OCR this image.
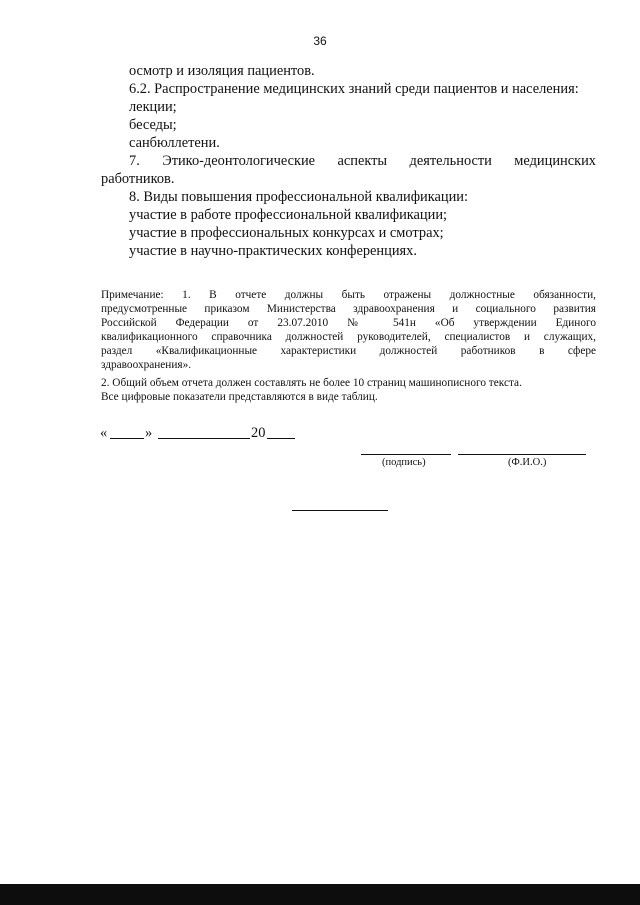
36
осмотр и изоляция пациентов.
6.2. Распространение медицинских знаний среди пациентов и населения:
лекции;
беседы;
санбюллетени.
7. Этико-деонтологические аспекты деятельности медицинских
работников.
8. Виды повышения профессиональной квалификации:
участие в работе профессиональной квалификации;
участие в профессиональных конкурсах и смотрах;
участие в научно-практических конференциях.
Примечание: 1. В отчете должны быть отражены должностные обязанности,
предусмотренные приказом Министерства здравоохранения и социального развития
Российской Федерации от 23.07.2010 № 541н «Об утверждении Единого
квалификационного справочника должностей руководителей, специалистов и служащих,
раздел «Квалификационные характеристики должностей работников в сфере
здравоохранения».
2. Общий объем отчета должен составлять не более 10 страниц машинописного текста.
Все цифровые показатели представляются в виде таблиц.
«	»	20
(подпись)	(Ф.И.О.)
